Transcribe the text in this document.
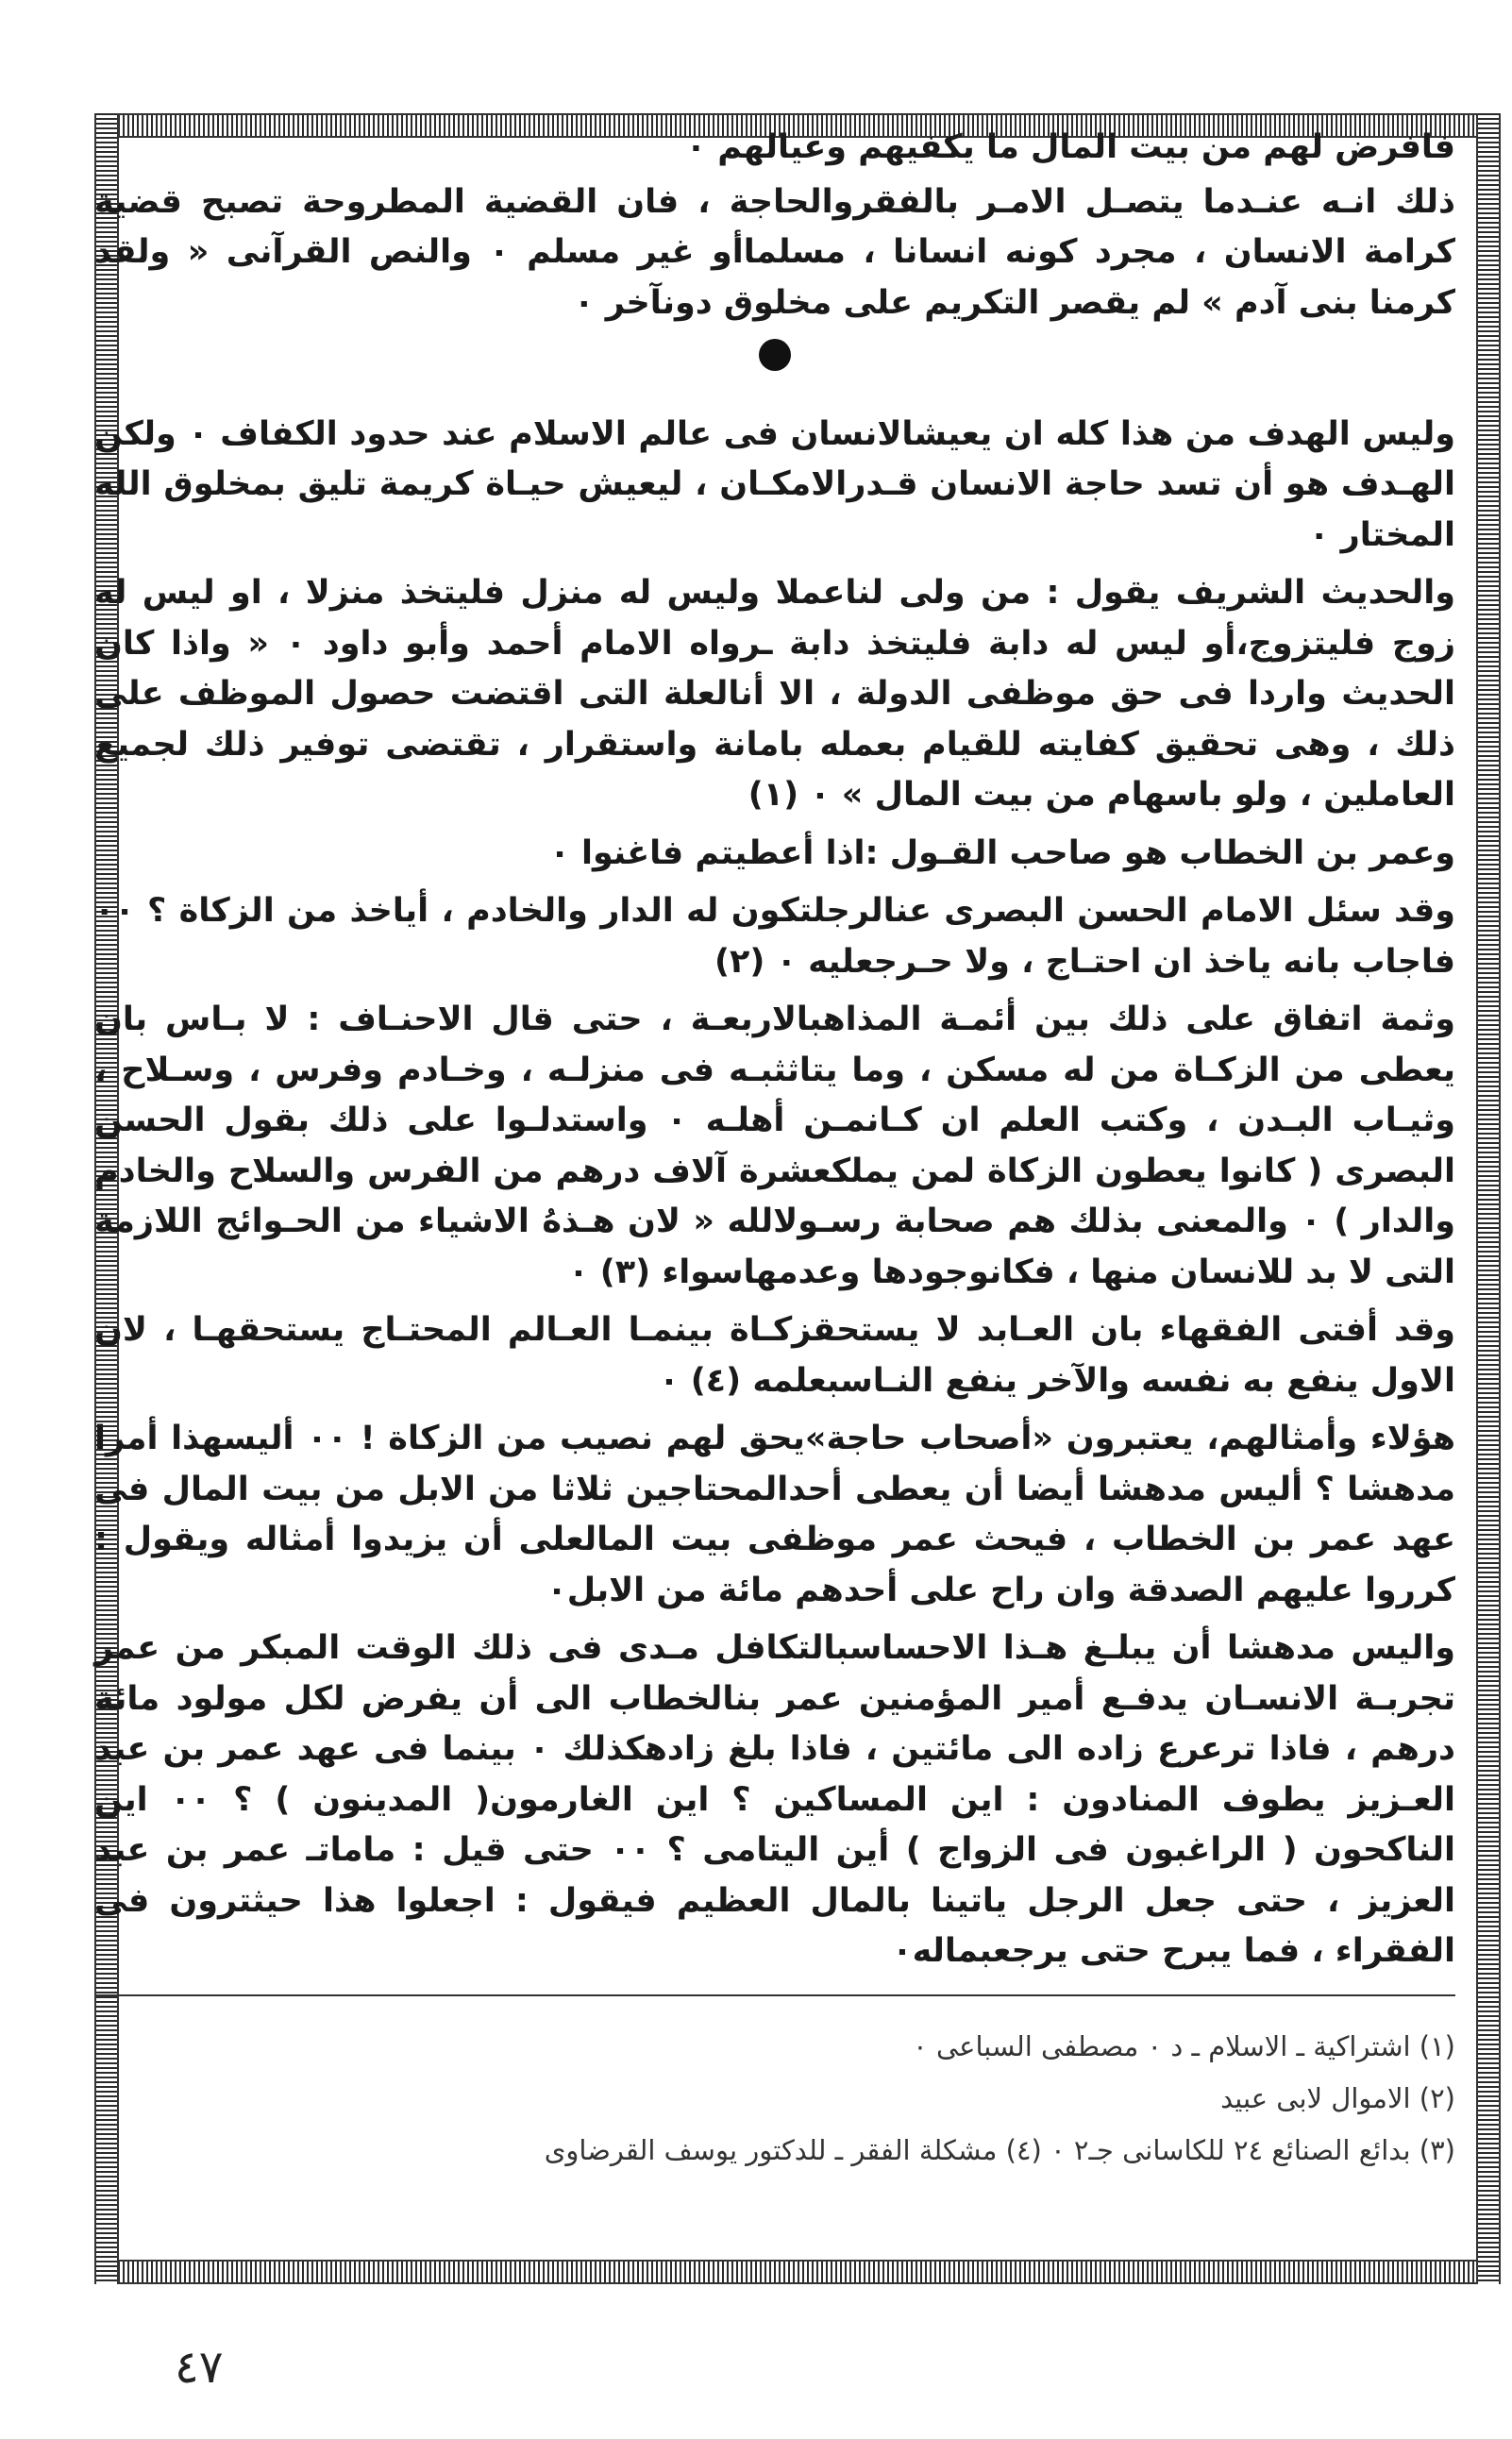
فافرض لهم من بيت المال ما يكفيهم وعيالهم ٠

ذلك انـه عنـدما يتصـل الامـر بالفقروالحاجة ، فان القضية المطروحة تصبح قضية كرامة الانسان ، مجرد كونه انسانا ، مسلماأو غير مسلم ٠ والنص القرآنى « ولقد كرمنا بنى آدم » لم يقصر التكريم على مخلوق دونآخر ٠

وليس الهدف من هذا كله ان يعيشالانسان فى عالم الاسلام عند حدود الكفاف ٠ ولكن الهـدف هو أن تسد حاجة الانسان قـدرالامكـان ، ليعيش حيـاة كريمة تليق بمخلوق الله المختار ٠

والحديث الشريف يقول : من ولى لناعملا وليس له منزل فليتخذ منزلا ، او ليس له زوج فليتزوج،أو ليس له دابة فليتخذ دابة ـرواه الامام أحمد وأبو داود ٠ « واذا كان الحديث واردا فى حق موظفى الدولة ، الا أنالعلة التى اقتضت حصول الموظف على ذلك ، وهى تحقيق كفايته للقيام بعمله بامانة واستقرار ، تقتضى توفير ذلك لجميع العاملين ، ولو باسهام من بيت المال » ٠ (١)

وعمر بن الخطاب هو صاحب القـول :اذا أعطيتم فاغنوا ٠

وقد سئل الامام الحسن البصرى عنالرجلتكون له الدار والخادم ، أياخذ من الزكاة ؟ ٠٠ فاجاب بانه ياخذ ان احتـاج ، ولا حـرجعليه ٠ (٢)

وثمة اتفاق على ذلك بين أئمـة المذاهبالاربعـة ، حتى قال الاحنـاف : لا بـاس بان يعطى من الزكـاة من له مسكن ، وما يتاثثبـه فى منزلـه ، وخـادم وفرس ، وسـلاح ، وثيـاب البـدن ، وكتب العلم ان كـانمـن أهلـه ٠ واستدلـوا على ذلك بقول الحسن البصرى ( كانوا يعطون الزكاة لمن يملكعشرة آلاف درهم من الفرس والسلاح والخادم والدار ) ٠ والمعنى بذلك هم صحابة رسـولالله « لان هـذهُ الاشياء من الحـوائج اللازمة التى لا بد للانسان منها ، فكانوجودها وعدمهاسواء (٣) ٠

وقد أفتى الفقهاء بان العـابد لا يستحقزكـاة بينمـا العـالم المحتـاج يستحقهـا ، لان الاول ينفع به نفسه والآخر ينفع النـاسبعلمه (٤) ٠

هؤلاء وأمثالهم، يعتبرون «أصحاب حاجة»يحق لهم نصيب من الزكاة ! ٠٠ أليسهذا أمرا مدهشا ؟ أليس مدهشا أيضا أن يعطى أحدالمحتاجين ثلاثا من الابل من بيت المال فى عهد عمر بن الخطاب ، فيحث عمر موظفى بيت المالعلى أن يزيدوا أمثاله ويقول : كرروا عليهم الصدقة وان راح على أحدهم مائة من الابل٠

واليس مدهشا أن يبلـغ هـذا الاحساسبالتكافل مـدى فى ذلك الوقت المبكر من عمر تجربـة الانسـان يدفـع أمير المؤمنين عمر بنالخطاب الى أن يفرض لكل مولود مائة درهم ، فاذا ترعرع زاده الى مائتين ، فاذا بلغ زادهكذلك ٠ بينما فى عهد عمر بن عبد العـزيز يطوف المنادون : اين المساكين ؟ اين الغارمون( المدينون ) ؟ ٠٠ اين الناكحون ( الراغبون فى الزواج ) أين اليتامى ؟ ٠٠ حتى قيل : ماماتـ عمر بن عبد العزيز ، حتى جعل الرجل ياتينا بالمال العظيم فيقول : اجعلوا هذا حيثترون فى الفقراء ، فما يبرح حتى يرجعبماله٠

(١) اشتراكية ـ الاسلام ـ د ٠ مصطفى السباعى ٠
(٢) الاموال لابى عبيد
(٣) بدائع الصنائع ٢٤ للكاسانى جـ٢ ٠ (٤) مشكلة الفقر ـ للدكتور يوسف القرضاوى
٤٧
